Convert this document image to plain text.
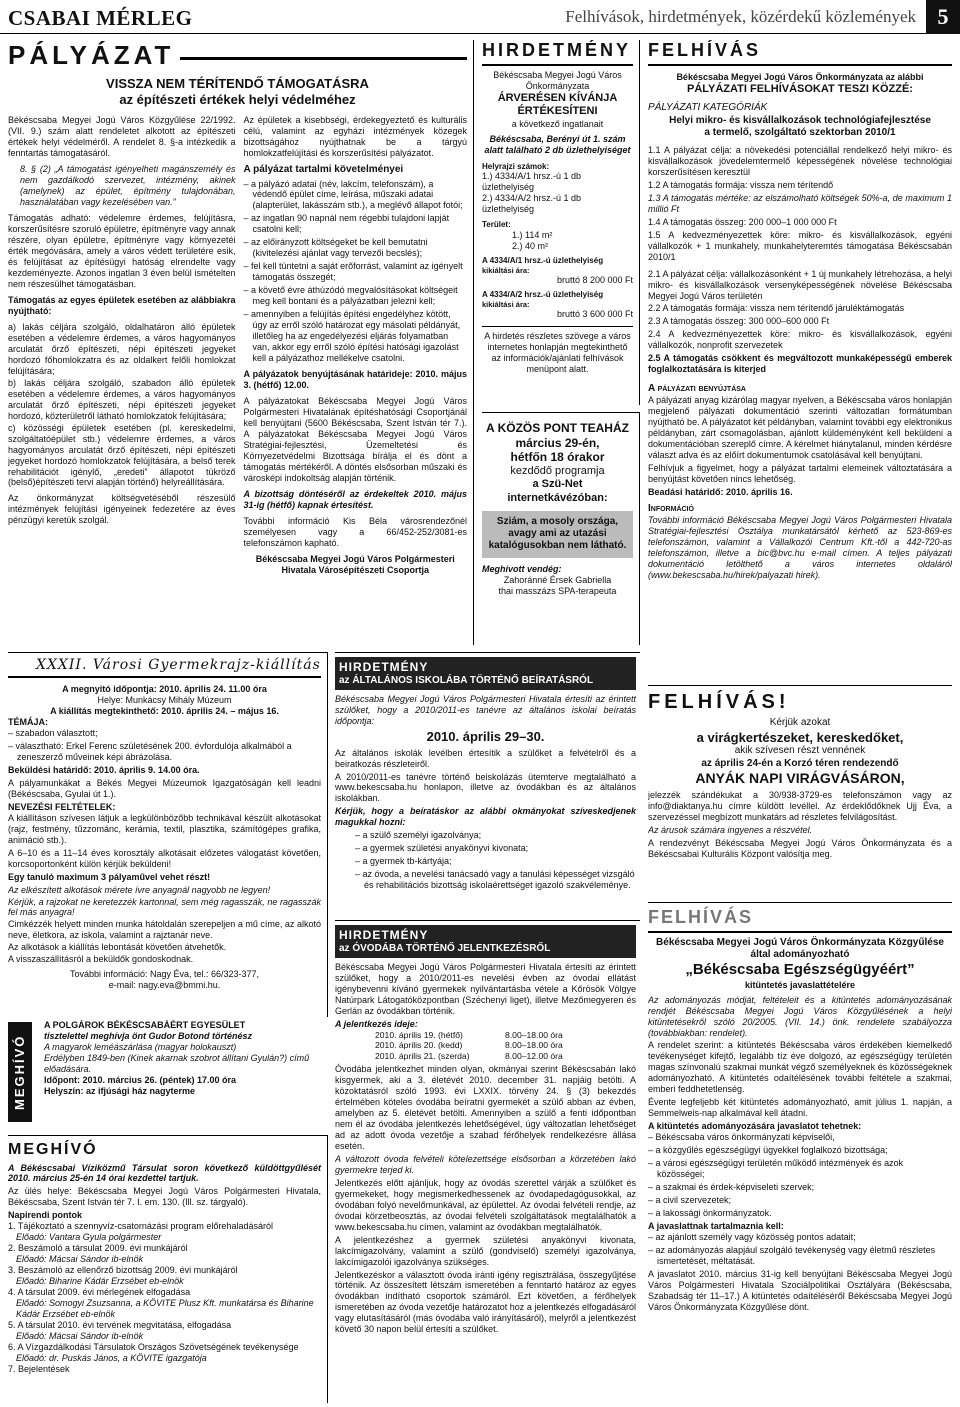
CSABAI MÉRLEG	Felhívások, hirdetmények, közérdekű közlemények 5
PÁLYÁZAT
VISSZA NEM TÉRÍTENDŐ TÁMOGATÁSRA
az építészeti értékek helyi védelméhez

Békéscsaba Megyei Jogú Város Közgyűlése 22/1992. (VII. 9.) szám alatt rendeletet alkotott az építészeti értékek helyi védelméről. A rendelet 8. §-a intézkedik a fenntartás támogatásáról.

8. § (2) „A támogatást igényelheti magánszemély és nem gazdálkodó szervezet, intézmény, akinek (amelynek) az épület, építmény tulajdonában, használatában vagy kezelésében van.”

Támogatás adható: védelemre érdemes, felújításra, korszerűsítésre szoruló épületre, építményre vagy annak részére, olyan épületre, építményre vagy környezetéi érték megóvására, amely a város védett területére esik, és felújításat az építésügyi hatóság elrendelte vagy kezdeményezte. Azonos ingatlan 3 éven belül ismételten nem részesülhet támogatásban.

Támogatás az egyes épületek esetében az alábbiakra nyújtható:

a) lakás céljára szolgáló, oldalhatáron álló épületek esetében a védelemre érdemes, a város hagyományos arculatát őrző építészeti, népi építészeti jegyeket hordozó főhomlokzatra és az oldalkert felőli homlokzat felújítására;

b) lakás céljára szolgáló, szabadon álló épületek esetében a védelemre érdemes, a város hagyományos arculatát őrző építészeti, népi építészeti jegyeket hordozó, közterületről látható homlokzatok felújítására;

c) közösségi épületek esetében (pl. kereskedelmi, szolgáltatóépület stb.) védelemre érdemes, a város hagyományos arculatát őrző építészeti, népi építészeti jegyeket hordozó homlokzatok felújítására, a belső terek rehabilitációt igénylő, „eredeti” állapotot tükröző (belső)építészeti tervi alapján történő) helyreállítására.

Az önkormányzat költségvetéséből részesülő intézmények felújítási igényeinek fedezetére az éves pénzügyi keretük szolgál.

Az épületek a kisebbségi, érdekegyeztető és kulturális célú, valamint az egyházi intézmények közegek bizottságához nyújthatnak be a tárgyú homlokzatfelújítási és korszerűsítési pályázatot.

A pályázat tartalmi követelményei

– a pályázó adatai (név, lakcím, telefonszám), a védendő épület címe, leírása, műszaki adatai (alapterület, lakásszám stb.), a meglévő állapot fotói;
– az ingatlan 90 napnál nem régebbi tulajdoni lapját csatolni kell;
– az előirányzott költségeket be kell bemutatni (kivitelezési ajánlat vagy tervezői becslés);
– fel kell tüntetni a saját erőforrást, valamint az igényelt támogatás összegét;
– a követő évre áthúzódó megvalósításokat költségeit meg kell bontani és a pályázatban jelezni kell;
– amennyiben a felújítás építési engedélyhez kötött, úgy az erről szóló határozat egy másolati példányát, illetőleg ha az engedélyezési eljárás folyamatban van, akkor egy erről szóló építési hatósági igazolást kell a pályázathoz mellékelve csatolni.

A pályázatok benyújtásának határideje: 2010. május 3. (hétfő) 12.00.

A pályázatokat Békéscsaba Megyei Jogú Város Polgármesteri Hivatalának építéshatósági Csoportjánál kell benyújtani (5600 Békéscsaba, Szent István tér 7.). A pályázatokat Békéscsaba Megyei Jogú Város Stratégiai-fejlesztési, Üzemeltetési és Környezetvédelmi Bizottsága bírálja el és dönt a támogatás mértékéről. A döntés elsősorban műszaki és városképi indokoltság alapján történik.

A bizottság döntéséről az érdekeltek 2010. május 31-ig (hétfő) kapnak értesítést.

További információ Kis Béla városrendezőnél személyesen vagy a 66/452-252/3081-es telefonszámon kapható.

Békéscsaba Megyei Jogú Város Polgármesteri Hivatala Városépítészeti Csoportja

HIRDETMÉNY
Békéscsaba Megyei Jogú Város Önkormányzata
ÁRVERÉSEN KÍVÁNJA ÉRTÉKESÍTENI
a következő ingatlanait
Békéscsaba, Berényi út 1. szám alatt található 2 db üzlethelyiséget
Helyrajzi számok:
1.) 4334/A/1 hrsz.-ú 1 db üzlethelyiség
2.) 4334/A/2 hrsz.-ú 1 db üzlethelyiség
Terület:
1.) 114 m²
2.) 40 m²
A 4334/A/1 hrsz.-ú üzlethelyiség
kikiáltási ára:
bruttó 8 200 000 Ft
A 4334/A/2 hrsz.-ú üzlethelyiség
kikiáltási ára:
bruttó 3 600 000 Ft
A hirdetés részletes szövege a város internetes honlapján megtekinthető az információk/ajánlati felhívások menüpont alatt.
A KÖZÖS PONT TEAHÁZ
március 29-én,
hétfőn 18 órakor
kezdődő programja
a Szü-Net
internetkávézóban:
Sziám, a mosoly országa,
avagy ami az utazási
katalógusokban nem látható.
Meghívott vendég:
Zahoránné Érsek Gabriella
thai masszázs SPA-terapeuta
FELHÍVÁS
Békéscsaba Megyei Jogú Város Önkormányzata az alábbi
PÁLYÁZATI FELHÍVÁSOKAT TESZI KÖZZÉ:
PÁLYÁZATI KATEGÓRIÁK
Helyi mikro- és kisvállalkozások technológiafejlesztése a termelő, szolgáltató szektorban 2010/1

1.1 A pályázat célja: a növekedési potenciállal rendelkező helyi mikro- és kisvállalkozások jövedelemtermelő képességének növelése technológiai korszerűsítésen keresztül

1.2 A támogatás formája: vissza nem térítendő

1.3 A támogatás mértéke: az elszámolható költségek 50%-a, de maximum 1 millió Ft

1.4 A támogatás összeg: 200 000–1 000 000 Ft

1.5 A kedvezményezettek köre: mikro- és kisvállalkozások, egyéni vállalkozók + 1 munkahely, munkahelyteremtés támogatása Békéscsabán 2010/1

2.1 A pályázat célja: vállalkozásonként + 1 új munkahely létrehozása, a helyi mikro- és kisvállalkozások versenyképességének növelése Békéscsaba Megyei Jogú Város területén

2.2 A támogatás formája: vissza nem térítendő járuléktámogatás

2.3 A támogatás összeg: 300 000–600 000 Ft

2.4 A kedvezményezettek köre: mikro- és kisvállalkozások, egyéni vállalkozók, nonprofit szervezetek

2.5 A támogatás csökkent és megváltozott munkaképességű emberek foglalkoztatására is kiterjed

A pályázati benyújtása

A pályázati anyag kizárólag magyar nyelven, a Békéscsaba város honlapján megjelenő pályázati dokumentáció szerinti változatlan formátumban nyújtható be. A pályázatot két példányban, valamint további egy elektronikus példányban, zárt csomagolásban, ajánlott küldeményként kell beküldeni a dokumentációban szereplő címre. A kérelmet hiánytalanul, minden kérdésre választ adva és az előírt dokumentumok csatolásával kell benyújtani.

Felhívjuk a figyelmet, hogy a pályázat tartalmi elemeinek változtatására a benyújtást követően nincs lehetőség.

Beadási határidő: 2010. április 16.

Információ

További információ Békéscsaba Megyei Jogú Város Polgármesteri Hivatala Stratégiai-fejlesztési Osztálya munkatársától kérhető az 523-869-es telefonszámon, valamint a Vállalkozói Centrum Kft.-től a 442-720-as telefonszámon, illetve a bic@bvc.hu e-mail címen. A teljes pályázati dokumentáció letölthető a város internetes oldaláról (www.bekescsaba.hu/hirek/palyazati hirek).

XXXII. Városi Gyermekrajz-kiállítás
A megnyitó időpontja: 2010. április 24. 11.00 óra
Helye: Munkácsy Mihály Múzeum
A kiállítás megtekinthető: 2010. április 24. – május 16.
TÉMÁJA:
– szabadon választott;
– választható: Erkel Ferenc születésének 200. évfordulója alkalmából a zeneszerző műveinek képi ábrázolása.

Beküldési határidő: 2010. április 9. 14.00 óra.

A pályamunkákat a Békés Megyei Múzeumok Igazgatóságán kell leadni (Békéscsaba, Gyulai út 1.).

NEVEZÉSI FELTÉTELEK:

A kiállításon szívesen látjuk a legkülönbözőbb technikával készült alkotásokat (rajz, festmény, tűzzománc, kerámia, textil, plasztika, számítógépes grafika, animáció stb.).

A 6–10 és a 11–14 éves korosztály alkotásait előzetes válogatást követően, korcsoportonként külön kérjük beküldeni!

Egy tanuló maximum 3 pályaművel vehet részt!

Az elkészített alkotások mérete ívre anyagnál nagyobb ne legyen!

Kérjük, a rajzokat ne keretezzék kartonnal, sem még ragasszák, ne ragasszák fel más anyagra!

Cimkézzék helyett minden munka hátoldalán szerepeljen a mű címe, az alkotó neve, életkora, az iskola, valamint a rajztanár neve.

Az alkotások a kiállítás lebontását követően átvehetők.

A visszaszállításról a beküldők gondoskodnak.

További információ: Nagy Éva, tel.: 66/323-377,
e-mail: nagy.eva@bmmi.hu.
MEGHÍVÓ
A POLGÁROK BÉKÉSCSABÁÉRT EGYESÜLET
tisztelettel meghívja önt Gudor Botond történész
A magyarok leméászárlása (magyar holokauszt)
Erdélyben 1849-ben (Kinek akarnak szobrot állítani Gyulán?) című előadására.
Időpont: 2010. március 26. (péntek) 17.00 óra
Helyszín: az ifjúsági ház nagyterme
MEGHÍVÓ

A Békéscsabai Víziközmű Társulat soron következő küldöttgyűlését 2010. március 25-én 14 órai kezdettel tartjuk.

Az ülés helye: Békéscsaba Megyei Jogú Város Polgármesteri Hivatala, Békéscsaba, Szent István tér 7. I. em. 130. (Ill. sz. tárgyaló).

Napirendi pontok
1. Tájékoztató a szennyvíz-csatornázási program előrehaladásáról
Előadó: Vantara Gyula polgármester
2. Beszámoló a társulat 2009. évi munkájáról
Előadó: Mácsai Sándor ib-elnök
3. Beszámoló az ellenőrző bizottság 2009. évi munkájáról
Előadó: Biharinе Kádár Erzsébet eb-elnök
4. A társulat 2009. évi mérlegének elfogadása
Előadó: Somogyi Zsuzsanna, a KÖVITE Plusz Kft. munkatársa és Biharinе Kádár Erzsébet eb-elnök
5. A társulat 2010. évi tervének megvitatása, elfogadása
Előadó: Mácsai Sándor ib-elnök
6. A Vízgazdálkodási Társulatok Országos Szövetségének tevékenysége
Előadó: dr. Puskás János, a KÖVITE igazgatója
7. Bejelentések
HIRDETMÉNY
az ÁLTALÁNOS ISKOLÁBA TÖRTÉNŐ BEÍRATÁSRÓL

Békéscsaba Megyei Jogú Város Polgármesteri Hivatala értesíti az érintett szülőket, hogy a 2010/2011-es tanévre az általános iskolai beíratás időpontja:

2010. április 29–30.

Az általános iskolák levélben értesítik a szülőket a felvételről és a beiratkozás részleteiről.

A 2010/2011-es tanévre történő beiskolázás ütemterve megtalálható a www.bekescsaba.hu honlapon, illetve az óvodákban és az általános iskolákban.

Kérjük, hogy a beíratáskor az alábbi okmányokat szíveskedjenek magukkal hozni:

– a szülő személyi igazolványa;
– a gyermek születési anyakönyvi kivonata;
– a gyermek tb-kártyája;
– az óvoda, a nevelési tanácsadó vagy a tanulási képességet vizsgáló és rehabilitációs bizottság iskolaérettséget igazoló szakvéleménye.
HIRDETMÉNY
az ÓVODÁBA TÖRTÉNŐ JELENTKEZÉSRŐL

Békéscsaba Megyei Jogú Város Polgármesteri Hivatala értesíti az érintett szülőket, hogy a 2010/2011-es nevelési évben az óvodai ellátást igénybevenni kívánó gyermekek nyilvántartásba vétele a Kőrösök Völgye Natúrpark Látogatóközpontban (Széchenyi liget), illetve Mezőmegyeren és Gerlán az óvodákban történik.

A jelentkezés ideje:
2010. április 19. (hétfő)	8.00–18.00 óra
2010. április 20. (kedd)	8.00–18.00 óra
2010. április 21. (szerda)	8.00–12.00 óra

Óvodába jelentkezhet minden olyan, okmányai szerint Békéscsabán lakó kisgyermek, aki a 3. életévét 2010. december 31. napjáig betölti. A közoktatásról szóló 1993. évi LXXIX. törvény 24. § (3) bekezdés értelmében köteles óvodába beíratni gyermekét a szülő abban az évben, amelyben az 5. életévét betölti. Amennyiben a szülő a fenti időpontban nem él az óvodába jelentkezés lehetőségével, úgy változatlan lehetőséget ad az adott óvoda vezetője a szabad férőhelyek rendelkezésre állása esetén.

A változott óvoda felvételi kötelezettsége elsősorban a körzetében lakó gyermekre terjed ki.

Jelentkezés előtt ajánljuk, hogy az óvodás szerettel várják a szülőket és gyermekeket, hogy megismerkedhessenek az óvodapedagógusokkal, az óvodában folyó nevelőmunkával, az épülettel. Az óvodai felvételi rendje, az óvodai körzetbeosztás, az óvodai felvételi szolgáltatások megtalálhatók a www.bekescsaba.hu címen, valamint az óvodákban megtalálhatók.

A jelentkezéshez a gyermek születési anyakönyvi kivonata, lakcímigazolvány, valamint a szülő (gondviselő) személyi igazolványa, lakcímigazolói igazolványa szükséges.

Jelentkezéskor a választott óvoda iránti igény regisztrálása, összegyűjtése történik. Az összesített létszám ismeretében a fenntartó határoz az egyes óvodákban indítható csoportok számáról. Ezt követően, a férőhelyek ismeretében az óvoda vezetője határozatot hoz a jelentkezés elfogadásáról vagy elutasításáról (más óvodába való irányításáról), melyről a jelentkezést követő 30 napon belül értesíti a szülőket.

FELHÍVÁS!
Kérjük azokat
a virágkertészeket, kereskedőket,
akik szívesen részt vennének
az április 24-én a Korzó téren rendezendő
ANYÁK NAPI VIRÁGVÁSÁRON,

jelezzék szándékukat a 30/938-3729-es telefonszámon vagy az info@diaktanya.hu címre küldött levéllel. Az érdeklődőknek Ujj Éva, a szervezéssel megbízott munkatárs ad részletes felvilágosítást.

Az árusok számára ingyenes a részvétel.

A rendezvényt Békéscsaba Megyei Jogú Város Önkormányzata és a Békéscsabai Kulturális Központ valósítja meg.

FELHÍVÁS
Békéscsaba Megyei Jogú Város Önkormányzata Közgyűlése által adományozható
„Békéscsaba Egészségügyéért”
kitüntetés javaslattételére

Az adományozás módját, feltételeit és a kitüntetés adományozásának rendjét Békéscsaba Megyei Jogú Város Közgyűlésének a helyi kitüntetésekről szóló 20/2005. (VII. 14.) önk. rendelete szabályozza (továbbiakban: rendelet).

A rendelet szerint: a kitüntetés Békéscsaba város érdekében kiemelkedő tevékenységet kifejtő, legalább tíz éve dolgozó, az egészségügy területén magas színvonalú szakmai munkát végző személyeknek és közösségeknek adományozható. A kitüntetés odaítélésének további feltétele a szakmai, emberi feddhetetlenség.

Évente legfeljebb két kitüntetés adományozható, amit július 1. napján, a Semmelweis-nap alkalmával kell átadni.

A kitüntetés adományozására javaslatot tehetnek:
– Békéscsaba város önkormányzati képviselői,
– a közgyűlés egészségügyi ügyekkel foglalkozó bizottsága;
– a városi egészségügyi területén működő intézmények és azok közösségei;
– a szakmai és érdek-képviseleti szervek;
– a civil szervezetek;
– a lakossági önkormányzatok.
A javaslattnak tartalmaznia kell:
– az ajánlott személy vagy közösség pontos adatait;
– az adományozás alapjául szolgáló tevékenység vagy életmű részletes ismertetését, méltatását.

A javaslatot 2010. március 31-ig kell benyújtani Békéscsaba Megyei Jogú Város Polgármesteri Hivatala Szociálpolitikai Osztályára (Békéscsaba, Szabadság tér 11–17.) A kitüntetés odaítéléséről Békéscsaba Megyei Jogú Város Önkormányzata Közgyűlése dönt.
